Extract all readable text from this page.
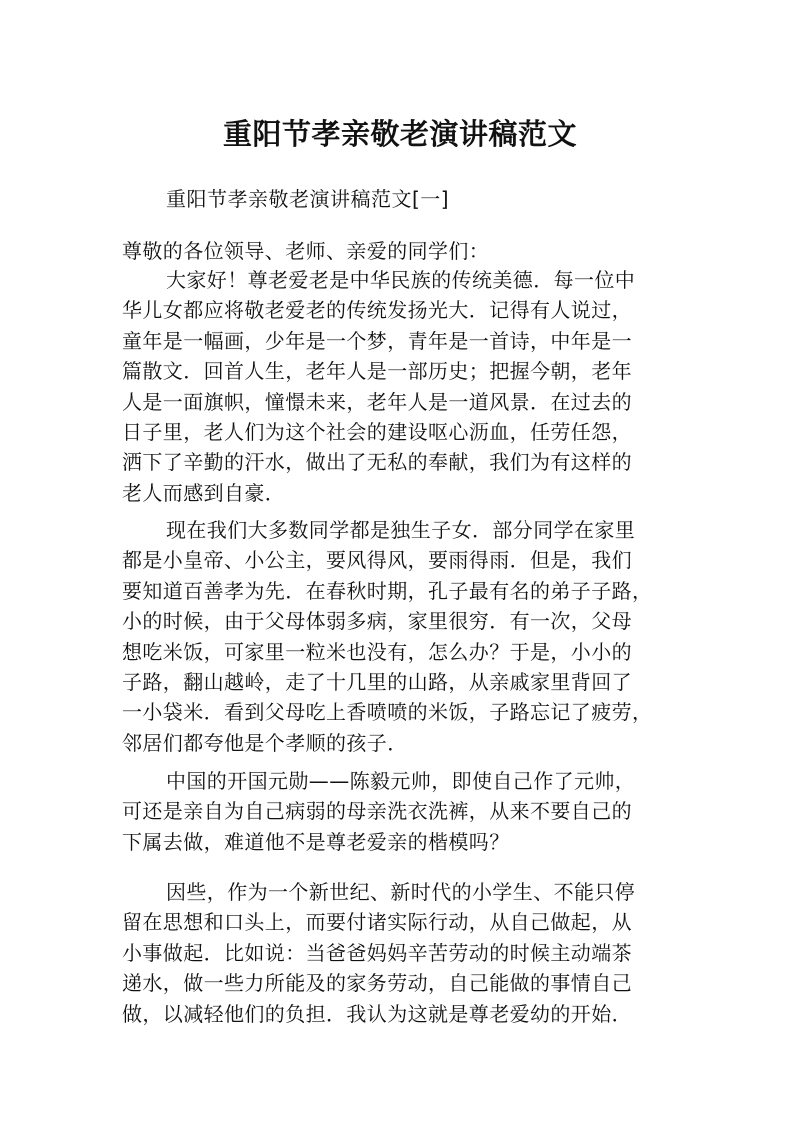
重阳节孝亲敬老演讲稿范文
重阳节孝亲敬老演讲稿范文[一]
尊敬的各位领导、老师、亲爱的同学们：
大家好！尊老爱老是中华民族的传统美德．每一位中
华儿女都应将敬老爱老的传统发扬光大．记得有人说过，
童年是一幅画，少年是一个梦，青年是一首诗，中年是一
篇散文．回首人生，老年人是一部历史；把握今朝，老年
人是一面旗帜，憧憬未来，老年人是一道风景．在过去的
日子里，老人们为这个社会的建设呕心沥血，任劳任怨，
洒下了辛勤的汗水，做出了无私的奉献，我们为有这样的
老人而感到自豪．
现在我们大多数同学都是独生子女．部分同学在家里
都是小皇帝、小公主，要风得风，要雨得雨．但是，我们
要知道百善孝为先．在春秋时期，孔子最有名的弟子子路，
小的时候，由于父母体弱多病，家里很穷．有一次，父母
想吃米饭，可家里一粒米也没有，怎么办？于是，小小的
子路，翻山越岭，走了十几里的山路，从亲戚家里背回了
一小袋米．看到父母吃上香喷喷的米饭，子路忘记了疲劳，
邻居们都夸他是个孝顺的孩子．
中国的开国元勋——陈毅元帅，即使自己作了元帅，
可还是亲自为自己病弱的母亲洗衣洗裤，从来不要自己的
下属去做，难道他不是尊老爱亲的楷模吗？
因些，作为一个新世纪、新时代的小学生、不能只停
留在思想和口头上，而要付诸实际行动，从自己做起，从
小事做起．比如说：当爸爸妈妈辛苦劳动的时候主动端茶
递水，做一些力所能及的家务劳动，自己能做的事情自己
做，以减轻他们的负担．我认为这就是尊老爱幼的开始．
